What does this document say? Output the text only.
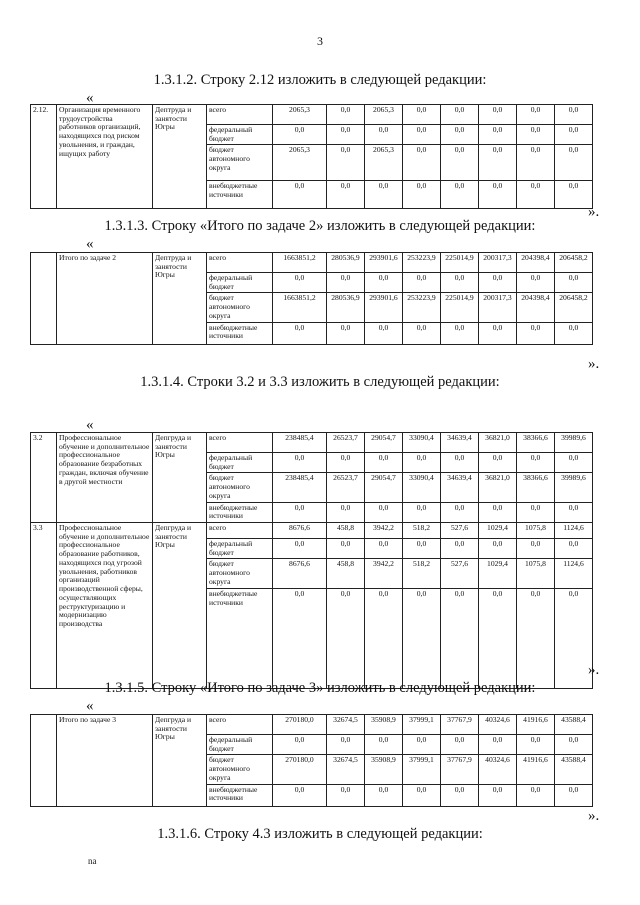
3
1.3.1.2. Строку 2.12 изложить в следующей редакции:
«
2.12.	Организация временного трудоустройства работников организаций, находящихся под риском увольнения, и граждан, ищущих работу	Дептруда и занятости Югры	всего	2065,3	0,0	2065,3	0,0	0,0	0,0	0,0	0,0
			федеральный бюджет	0,0	0,0	0,0	0,0	0,0	0,0	0,0	0,0
			бюджет автономного округа	2065,3	0,0	2065,3	0,0	0,0	0,0	0,0	0,0
			внебюджетные источники	0,0	0,0	0,0	0,0	0,0	0,0	0,0	0,0
».
1.3.1.3. Строку «Итого по задаче 2» изложить в следующей редакции:
«
	Итого по задаче 2	Дептруда и занятости Югры	всего	1663851,2	280536,9	293901,6	253223,9	225014,9	200317,3	204398,4	206458,2
			федеральный бюджет	0,0	0,0	0,0	0,0	0,0	0,0	0,0	0,0
			бюджет автономного округа	1663851,2	280536,9	293901,6	253223,9	225014,9	200317,3	204398,4	206458,2
			внебюджетные источники	0,0	0,0	0,0	0,0	0,0	0,0	0,0	0,0
».
1.3.1.4. Строки 3.2 и 3.3 изложить в следующей редакции:
«
3.2	Профессиональное обучение и дополнительное профессиональное образование безработных граждан, включая обучение в другой местности	Депгруда и занятости Югры	всего	238485,4	26523,7	29054,7	33090,4	34639,4	36821,0	38366,6	39989,6
			федеральный бюджет	0,0	0,0	0,0	0,0	0,0	0,0	0,0	0,0
			бюджет автономного округа	238485,4	26523,7	29054,7	33090,4	34639,4	36821,0	38366,6	39989,6
			внебюджетные источники	0,0	0,0	0,0	0,0	0,0	0,0	0,0	0,0
3.3	Профессиональное обучение и дополнительное профессиональное образование работников, находящихся под угрозой увольнения, работников организаций производственной сферы, осуществляющих реструктуризацию и модернизацию производства	Депгруда и занятости Югры	всего	8676,6	458,8	3942,2	518,2	527,6	1029,4	1075,8	1124,6
			федеральный бюджет	0,0	0,0	0,0	0,0	0,0	0,0	0,0	0,0
			бюджет автономного округа	8676,6	458,8	3942,2	518,2	527,6	1029,4	1075,8	1124,6
			внебюджетные источники	0,0	0,0	0,0	0,0	0,0	0,0	0,0	0,0
».
1.3.1.5. Строку «Итого по задаче 3» изложить в следующей редакции:
«
	Итого по задаче 3	Депгруда и занятости Югры	всего	270180,0	32674,5	35908,9	37999,1	37767,9	40324,6	41916,6	43588,4
			федеральный бюджет	0,0	0,0	0,0	0,0	0,0	0,0	0,0	0,0
			бюджет автономного округа	270180,0	32674,5	35908,9	37999,1	37767,9	40324,6	41916,6	43588,4
			внебюджетные источники	0,0	0,0	0,0	0,0	0,0	0,0	0,0	0,0
».
1.3.1.6. Строку 4.3 изложить в следующей редакции:
nа
